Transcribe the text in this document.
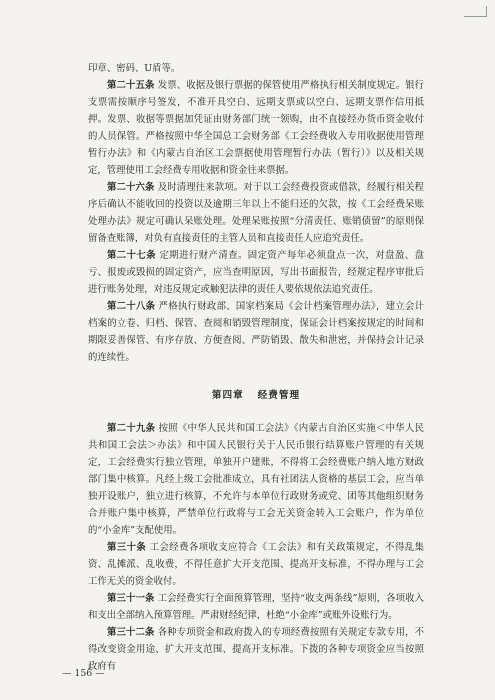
印章、密码、U盾等。

第二十五条 发票、收据及银行票据的保管使用严格执行相关制度规定。银行支票需按顺序号签发，不准开具空白、远期支票或以空白、远期支票作信用抵押。发票、收据等票据加凭证由财务部门统一领购，由不直接经办货币资金收付的人员保管。严格按照中华全国总工会财务部《工会经费收入专用收据使用管理暂行办法》和《内蒙古自治区工会票据使用管理暂行办法（暂行）》以及相关规定，管理使用工会经费专用收据和资金往来票据。

第二十六条 及时清理往来款项。对于以工会经费投资或借款，经履行相关程序后确认不能收回的投资以及逾期三年以上不能归还的欠款，按《工会经费呆账处理办法》规定可确认呆账处理。处理呆账按照“分清责任、账销债留”的原则保留备查账簿，对负有直接责任的主管人员和直接责任人应追究责任。

第二十七条 定期进行财产清查。固定资产每年必须盘点一次，对盘盈、盘亏、报废或毁损的固定资产，应当查明原因，写出书面报告，经规定程序审批后进行账务处理，对违反规定或触犯法律的责任人要依规依法追究责任。

第二十八条 严格执行财政部、国家档案局《会计档案管理办法》，建立会计档案的立卷、归档、保管、查阅和销毁管理制度，保证会计档案按规定的时间和期限妥善保管、有序存放、方便查阅、严防销毁、散失和泄密，并保持会计记录的连续性。

第四章 经费管理

第二十九条 按照《中华人民共和国工会法》《内蒙古自治区实施＜中华人民共和国工会法＞办法》和中国人民银行关于人民币银行结算账户管理的有关规定，工会经费实行独立管理，单独开户建账，不得将工会经费账户纳入地方财政部门集中核算。凡经上级工会批准成立，具有社团法人资格的基层工会，应当单独开设账户，独立进行核算，不允许与本单位行政财务或党、团等其他组织财务合并账户集中核算，严禁单位行政将与工会无关资金转入工会账户，作为单位的“小金库”支配使用。

第三十条 工会经费各项收支应符合《工会法》和有关政策规定，不得乱集资、乱摊派、乱收费，不得任意扩大开支范围、提高开支标准，不得办理与工会工作无关的资金收付。

第三十一条 工会经费实行全面预算管理，坚持“收支两条线”原则，各项收入和支出全部纳入预算管理。严肃财经纪律，杜绝“小金库”或账外设账行为。

第三十二条 各种专项资金和政府拨入的专项经费按照有关规定专款专用，不得改变资金用途、扩大开支范围、提高开支标准。下拨的各种专项资金应当按照政府有

— 156 —
